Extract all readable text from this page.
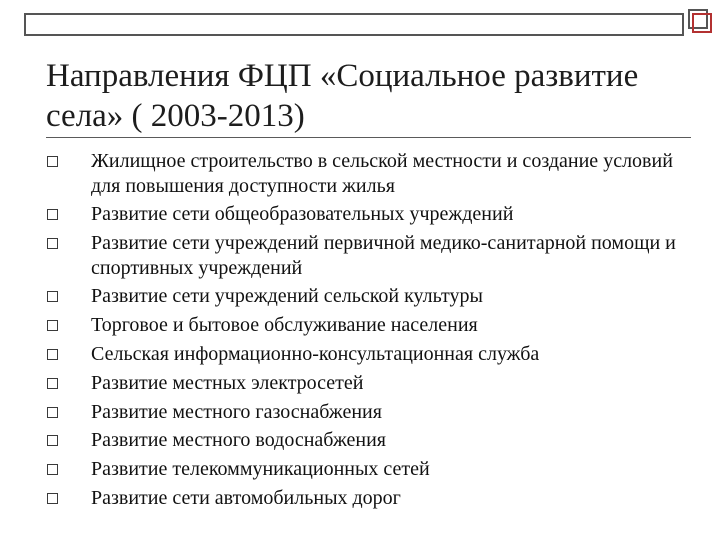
Направления ФЦП «Социальное развитие
села» ( 2003-2013)
Жилищное строительство в сельской местности и создание условий для повышения доступности жилья
Развитие сети общеобразовательных учреждений
Развитие сети учреждений первичной медико-санитарной помощи и спортивных учреждений
Развитие сети учреждений сельской культуры
Торговое и бытовое обслуживание населения
Сельская информационно-консультационная служба
Развитие местных электросетей
Развитие местного газоснабжения
Развитие местного водоснабжения
Развитие телекоммуникационных сетей
Развитие сети автомобильных дорог
